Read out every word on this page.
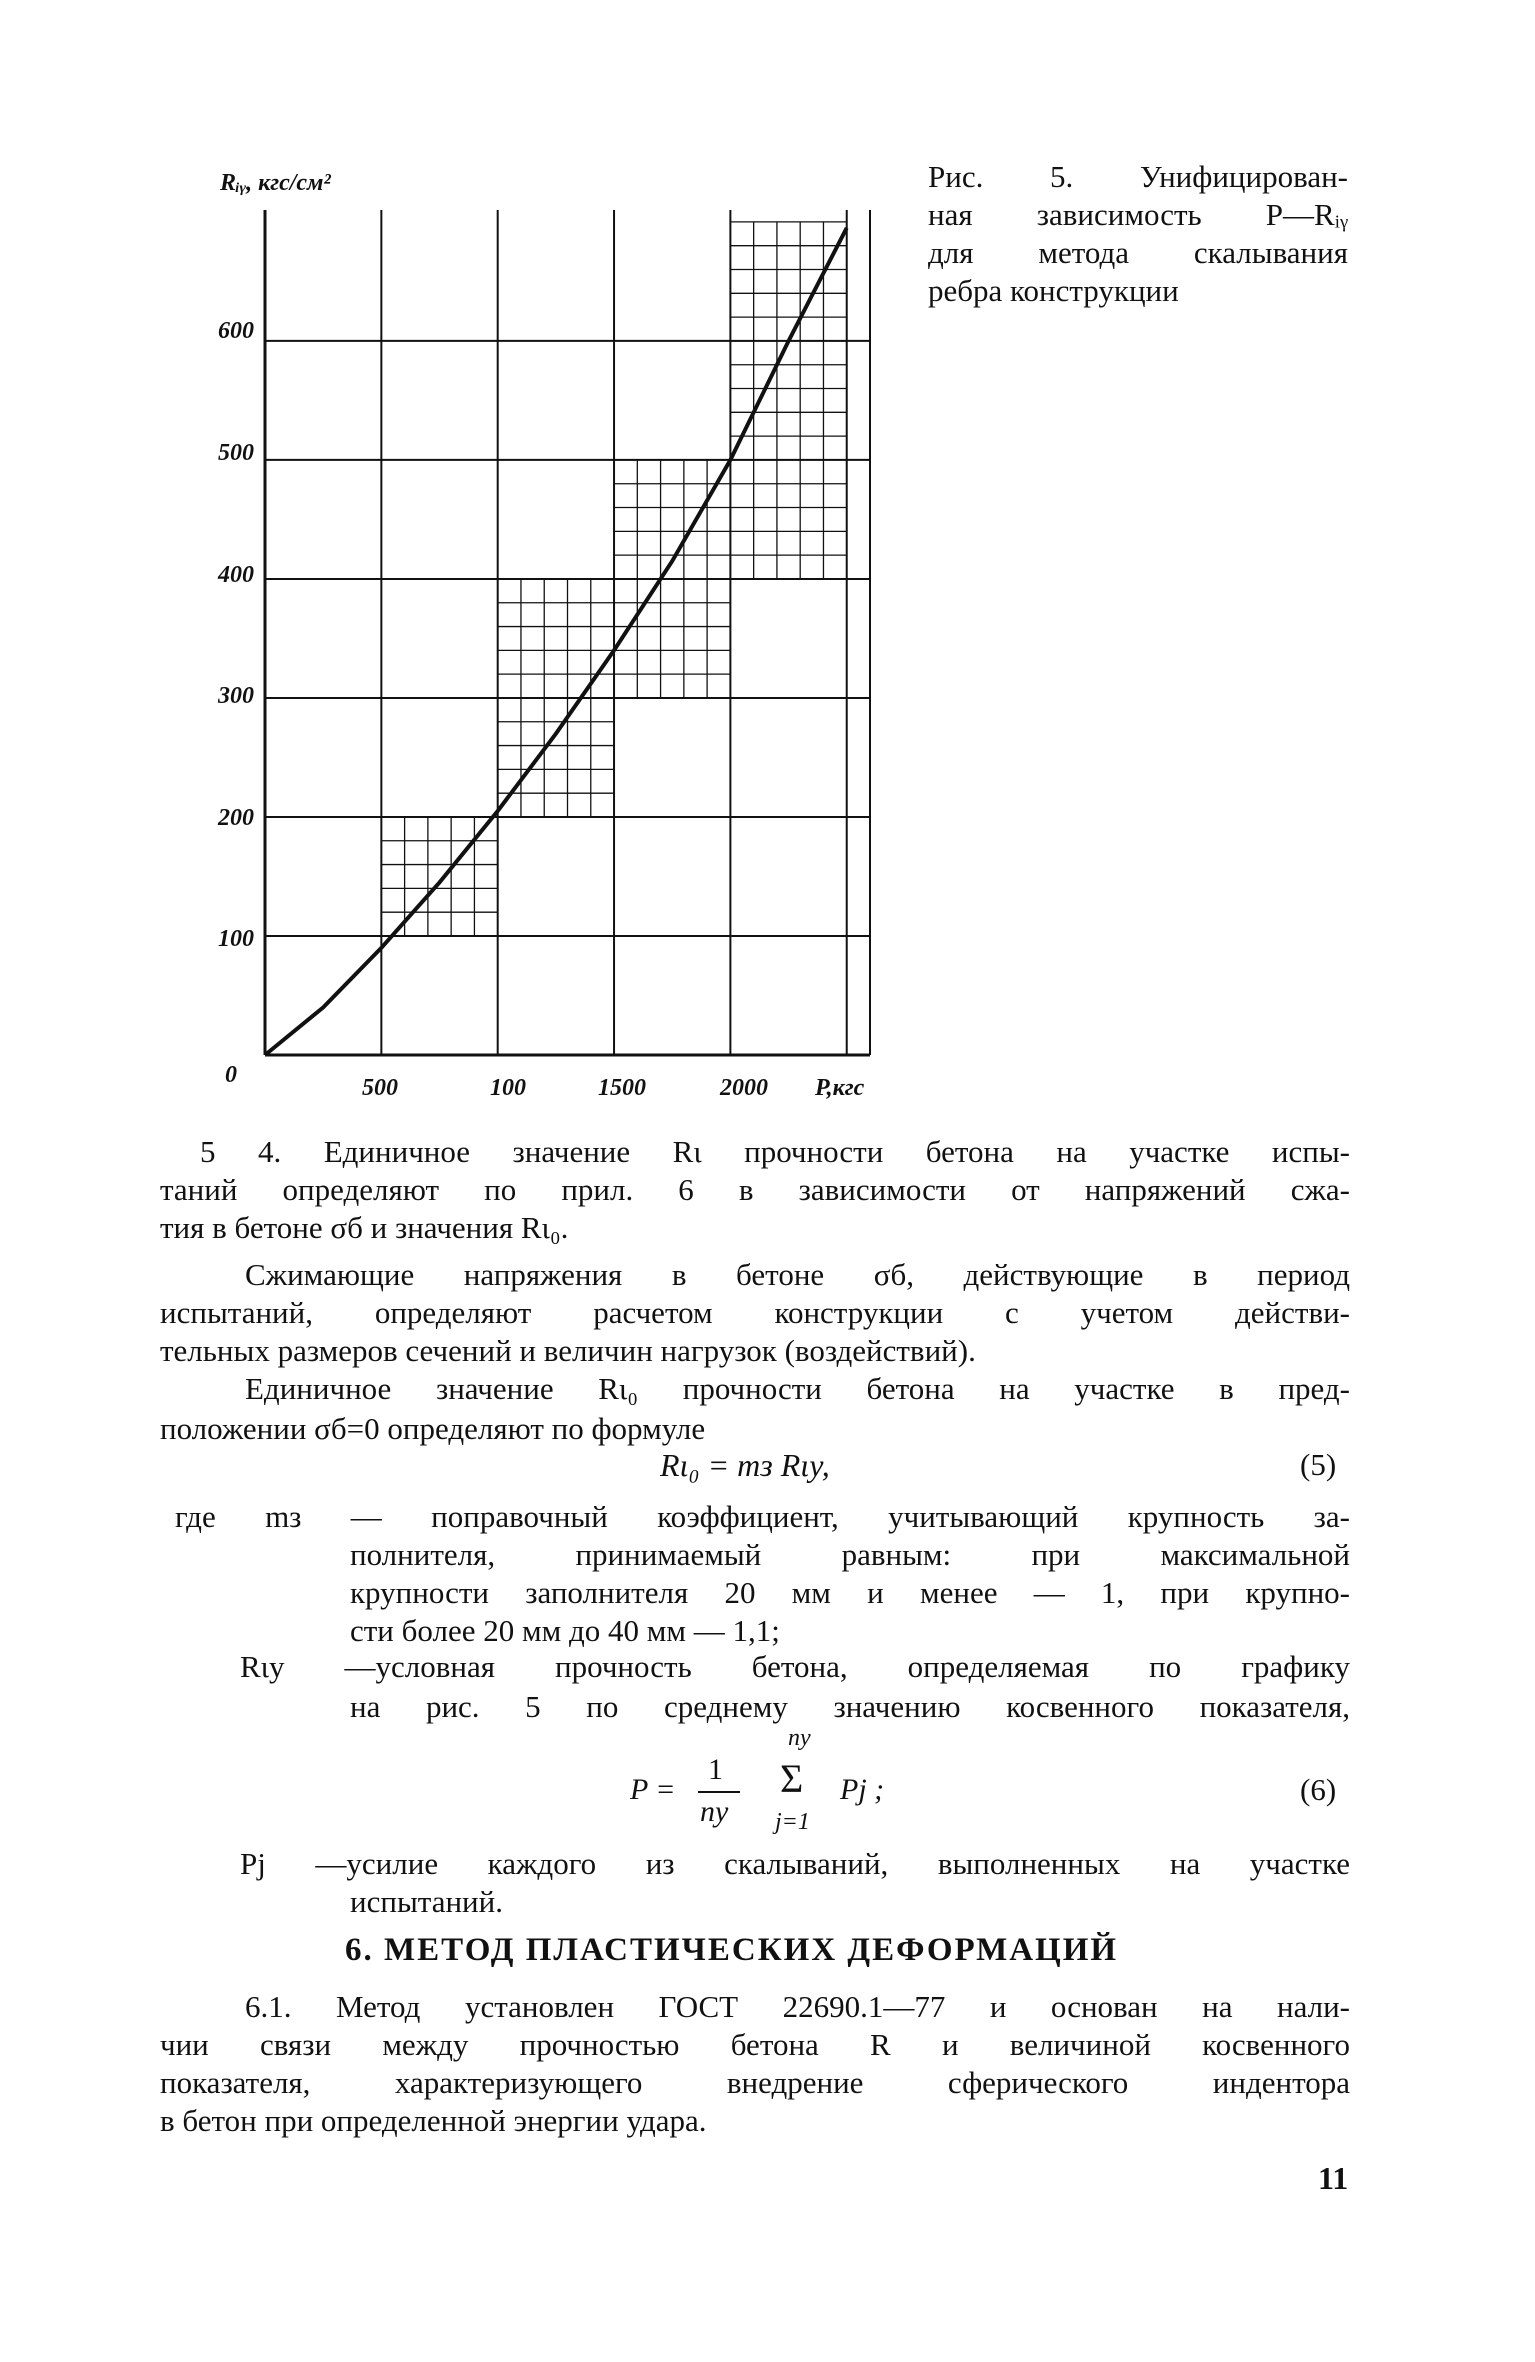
Rᵢᵧ, кгс/см²
P,кгс
0
100
200
300
400
500
600
500	100	1500	2000
Рис. 5. Унифицирован-
ная зависимость P—Rᵢᵧ
для метода скалывания
ребра конструкции
5 4. Единичное значение Rι прочности бетона на участке испы-
таний определяют по прил. 6 в зависимости от напряжений сжа-
тия в бетоне σб и значения Rι₀.
Сжимающие напряжения в бетоне σб, действующие в период
испытаний, определяют расчетом конструкции с учетом действи-
тельных размеров сечений и величин нагрузок (воздействий).
Единичное значение Rι₀ прочности бетона на участке в пред-
положении σб=0 определяют по формуле
Rι₀ = mз Rιу,	(5)
где mз — поправочный коэффициент, учитывающий крупность за-
полнителя, принимаемый равным: при максимальной
крупности заполнителя 20 мм и менее — 1, при крупно-
сти более 20 мм до 40 мм — 1,1;
Rιу —условная прочность бетона, определяемая по графику
на рис. 5 по среднему значению косвенного показателя,
P =
1
nу
nу
Σ
j=1
Pj ;	(6)
Pj —усилие каждого из скалываний, выполненных на участке
испытаний.
6. МЕТОД ПЛАСТИЧЕСКИХ ДЕФОРМАЦИЙ
6.1. Метод установлен ГОСТ 22690.1—77 и основан на нали-
чии связи между прочностью бетона R и величиной косвенного
показателя, характеризующего внедрение сферического индентора
в бетон при определенной энергии удара.
11
